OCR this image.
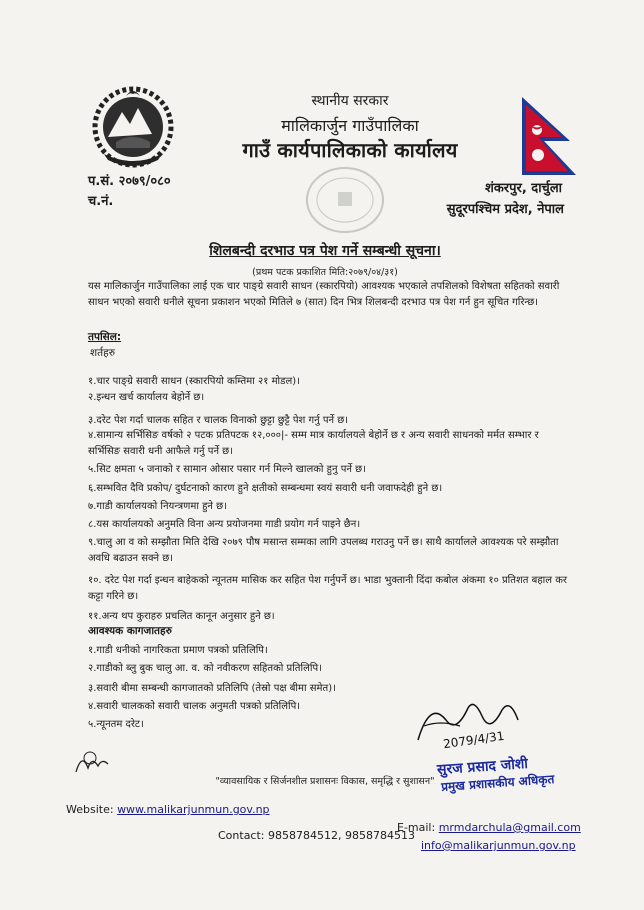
स्थानीय सरकार
मालिकार्जुन गाउँपालिका
गाउँ कार्यपालिकाको कार्यालय
प.सं. २०७९/०८०
च.नं.
शंकरपुर, दार्चुला
सुदूरपश्चिम प्रदेश, नेपाल
शिलबन्दी दरभाउ पत्र पेश गर्ने सम्बन्धी सूचना।
(प्रथम पटक प्रकाशित मिति:२०७९/०४/३१)
यस मालिकार्जुन गाउँपालिका लाई एक चार पाङ्ग्रे सवारी साधन (स्कारपियो) आवश्यक भएकाले तपशिलको विशेषता सहितको सवारी साधन भएको सवारी धनीले सूचना प्रकाशन भएको मितिले ७ (सात) दिन भित्र शिलबन्दी दरभाउ पत्र पेश गर्न हुन सूचित गरिन्छ।
तपसिल:
शर्तहरु
१.चार पाङ्ग्रे सवारी साधन (स्कारपियो कम्तिमा २१ मोडल)।
२.इन्धन खर्च कार्यालय बेहोर्ने छ।
३.दरेट पेश गर्दा चालक सहित र चालक विनाको छुट्टा छुट्टै पेश गर्नु पर्ने छ।
४.सामान्य सर्भिसिङ वर्षको २ पटक प्रतिपटक १२,०००|- सम्म मात्र कार्यालयले बेहोर्ने छ र अन्य सवारी साधनको मर्मत सम्भार र सर्भिसिङ सवारी धनी आफैले गर्नु पर्ने छ।
५.सिट क्षमता ५ जनाको र सामान ओसार पसार गर्न मिल्ने खालको हुनु पर्ने छ।
६.सम्भवित दैवि प्रकोप/ दुर्घटनाको कारण हुने क्षतीको सम्बन्धमा स्वयं सवारी धनी जवाफदेही हुने छ।
७.गाडी कार्यालयको नियन्त्रणमा हुने छ।
८.यस कार्यालयको अनुमति विना अन्य प्रयोजनमा गाडी प्रयोग गर्न पाइने छैन।
९.चालु आ व को सम्झौता मिति देखि २०७९ पौष मसान्त सम्मका लागि उपलब्ध गराउनु पर्ने छ। साथै कार्यालले आवश्यक परे सम्झौता अवधि बढाउन सक्ने छ।
१०. दरेट पेश गर्दा इन्धन बाहेकको न्यूनतम मासिक कर सहित पेश गर्नुपर्ने छ। भाडा भुक्तानी दिंदा कबोल अंकमा १० प्रतिशत बहाल कर कट्टा गरिने छ।
११.अन्य थप कुराहरु प्रचलित कानून अनुसार हुने छ।
आवश्यक कागजातहरु
१.गाडी धनीको नागरिकता प्रमाण पत्रको प्रतिलिपि।
२.गाडीको ब्लु बुक चालु आ. व. को नवीकरण सहितको प्रतिलिपि।
३.सवारी बीमा सम्बन्धी कागजातको प्रतिलिपि (तेस्रो पक्ष बीमा समेत)।
४.सवारी चालकको सवारी चालक अनुमती पत्रको प्रतिलिपि।
५.न्यूनतम दरेट।
2079/4/31
सुरज प्रसाद जोशी
प्रमुख प्रशासकीय अधिकृत
"व्यावसायिक र सिर्जनशील प्रशासनः विकास, समृद्धि र सुशासन"
Website: www.malikarjunmun.gov.np
E-mail: mrmdarchula@gmail.com
info@malikarjunmun.gov.np
Contact: 9858784512, 9858784513
